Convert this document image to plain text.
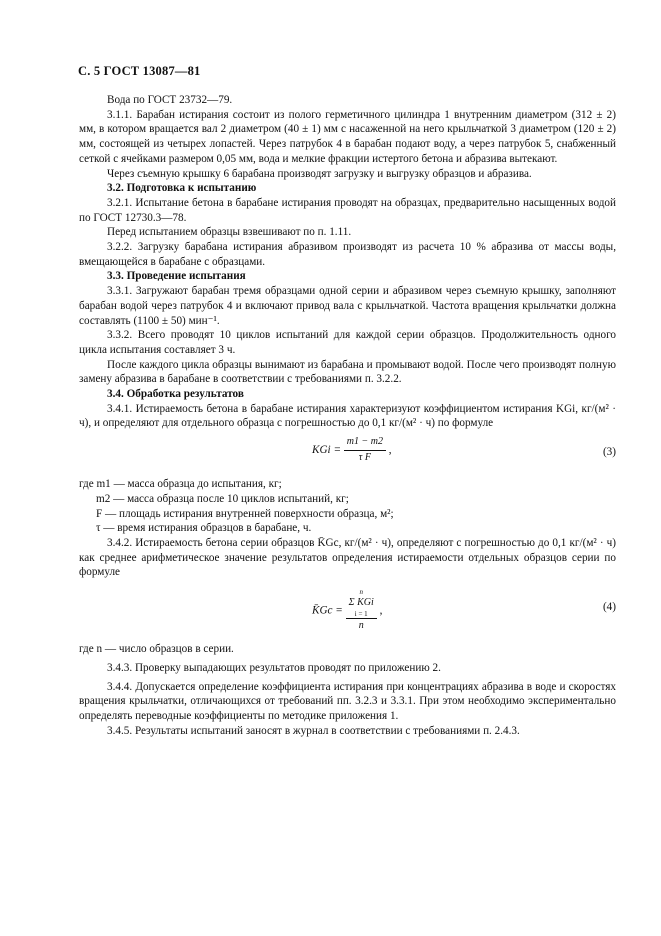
С. 5 ГОСТ 13087—81

Вода по ГОСТ 23732—79.

3.1.1. Барабан истирания состоит из полого герметичного цилиндра 1 внутренним диаметром (312 ± 2) мм, в котором вращается вал 2 диаметром (40 ± 1) мм с насаженной на него крыльчаткой 3 диаметром (120 ± 2) мм, состоящей из четырех лопастей. Через патрубок 4 в барабан подают воду, а через патрубок 5, снабженный сеткой с ячейками размером 0,05 мм, вода и мелкие фракции истертого бетона и абразива вытекают.

Через съемную крышку 6 барабана производят загрузку и выгрузку образцов и абразива.

3.2. Подготовка к испытанию

3.2.1. Испытание бетона в барабане истирания проводят на образцах, предварительно насыщенных водой по ГОСТ 12730.3—78.

Перед испытанием образцы взвешивают по п. 1.11.

3.2.2. Загрузку барабана истирания абразивом производят из расчета 10 % абразива от массы воды, вмещающейся в барабане с образцами.

3.3. Проведение испытания

3.3.1. Загружают барабан тремя образцами одной серии и абразивом через съемную крышку, заполняют барабан водой через патрубок 4 и включают привод вала с крыльчаткой. Частота вращения крыльчатки должна составлять (1100 ± 50) мин⁻¹.

3.3.2. Всего проводят 10 циклов испытаний для каждой серии образцов. Продолжительность одного цикла испытания составляет 3 ч.

После каждого цикла образцы вынимают из барабана и промывают водой. После чего производят полную замену абразива в барабане в соответствии с требованиями п. 3.2.2.

3.4. Обработка результатов

3.4.1. Истираемость бетона в барабане истирания характеризуют коэффициентом истирания KGi, кг/(м² · ч), и определяют для отдельного образца с погрешностью до 0,1 кг/(м² · ч) по формуле

KGi = $\frac{m1 - m2}{\text{τ F}}$ ,	(3)

где m1 — масса образца до испытания, кг;

m2 — масса образца после 10 циклов испытаний, кг;

F — площадь истирания внутренней поверхности образца, м²;

τ — время истирания образцов в барабане, ч.

3.4.2. Истираемость бетона серии образцов K̄Gc, кг/(м² · ч), определяют с погрешностью до 0,1 кг/(м² · ч) как среднее арифметическое значение результатов определения истираемости отдельных образцов серии по формуле

K̄Gc =
n
Σ KGi
i = 1
n
,	(4)

где n — число образцов в серии.

3.4.3. Проверку выпадающих результатов проводят по приложению 2.

3.4.4. Допускается определение коэффициента истирания при концентрациях абразива в воде и скоростях вращения крыльчатки, отличающихся от требований пп. 3.2.3 и 3.3.1. При этом необходимо экспериментально определять переводные коэффициенты по методике приложения 1.

3.4.5. Результаты испытаний заносят в журнал в соответствии с требованиями п. 2.4.3.
